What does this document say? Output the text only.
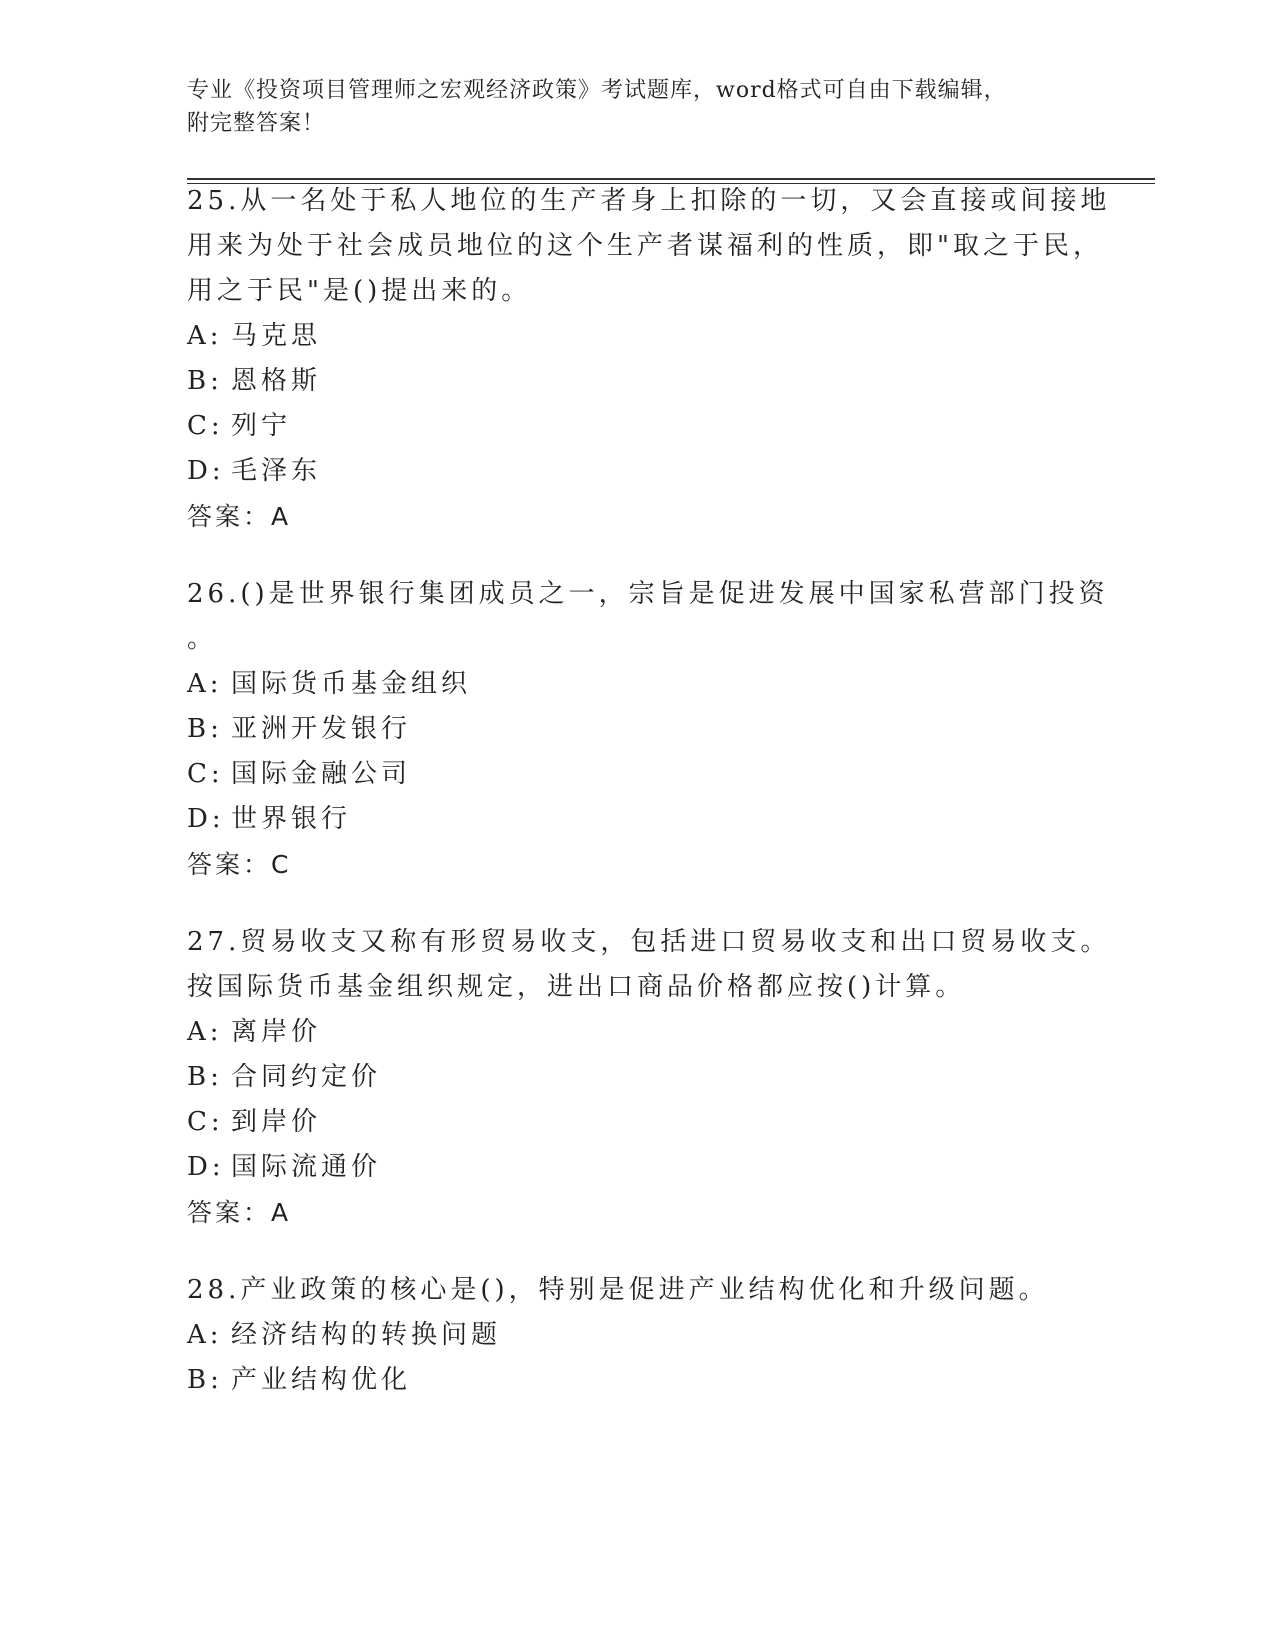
专业《投资项目管理师之宏观经济政策》考试题库，word格式可自由下载编辑，
附完整答案！
25.从一名处于私人地位的生产者身上扣除的一切，又会直接或间接地
用来为处于社会成员地位的这个生产者谋福利的性质，即"取之于民，
用之于民"是()提出来的。
A: 马克思
B: 恩格斯
C: 列宁
D: 毛泽东
答案：A
26.()是世界银行集团成员之一，宗旨是促进发展中国家私营部门投资
。
A: 国际货币基金组织
B: 亚洲开发银行
C: 国际金融公司
D: 世界银行
答案：C
27.贸易收支又称有形贸易收支，包括进口贸易收支和出口贸易收支。
按国际货币基金组织规定，进出口商品价格都应按()计算。
A: 离岸价
B: 合同约定价
C: 到岸价
D: 国际流通价
答案：A
28.产业政策的核心是()，特别是促进产业结构优化和升级问题。
A: 经济结构的转换问题
B: 产业结构优化
